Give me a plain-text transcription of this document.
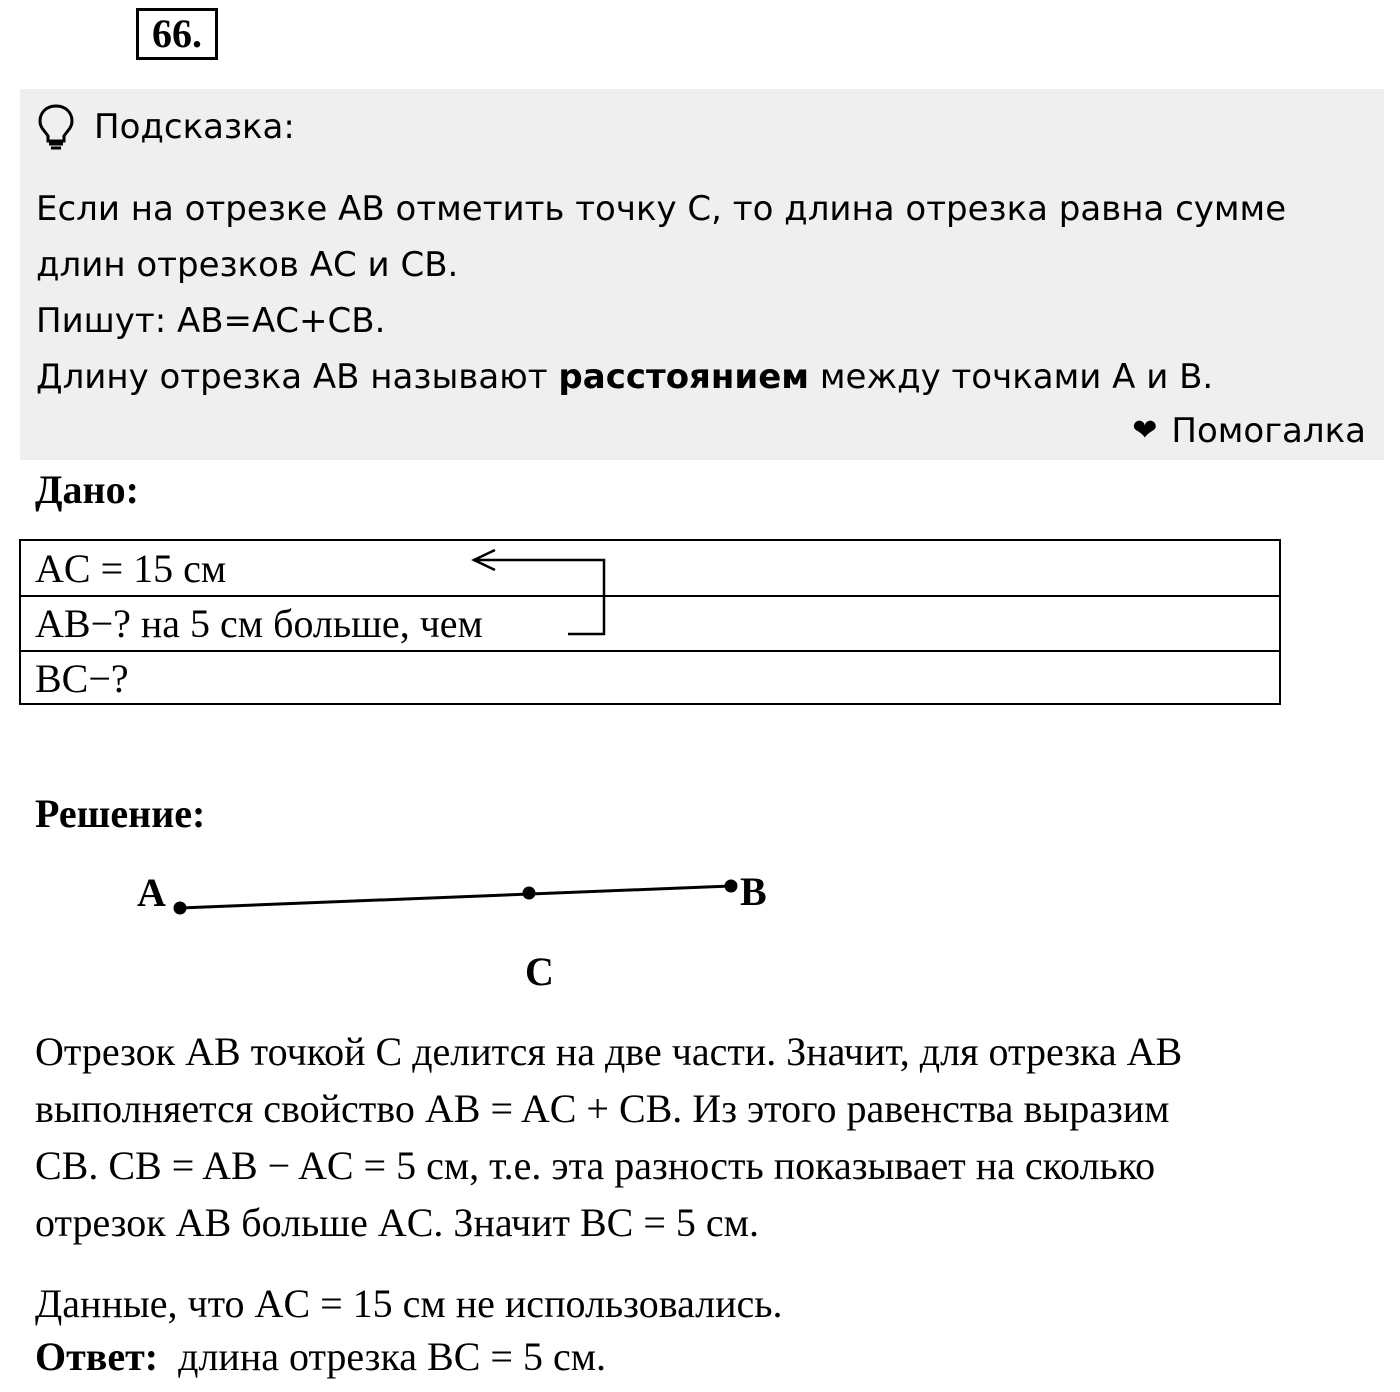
66.
Подсказка:
Если на отрезке АВ отметить точку С, то длина отрезка равна сумме
длин отрезков АС и СВ.
Пишут: АВ=АС+СВ.
Длину отрезка АВ называют расстоянием между точками А и В.
❤ Помогалка
Дано:
AC = 15 см
AB−? на 5 см больше, чем
BC−?
Решение:
A	B
C
Отрезок AB точкой C делится на две части. Значит, для отрезка AB
выполняется свойство AB = AC + CB. Из этого равенства выразим
CB. CB = AB − AC = 5 см, т.е. эта разность показывает на сколько
отрезок AB больше AC. Значит BC = 5 см.
Данные, что AC = 15 см не использовались.
Ответ:  длина отрезка BC = 5 см.
